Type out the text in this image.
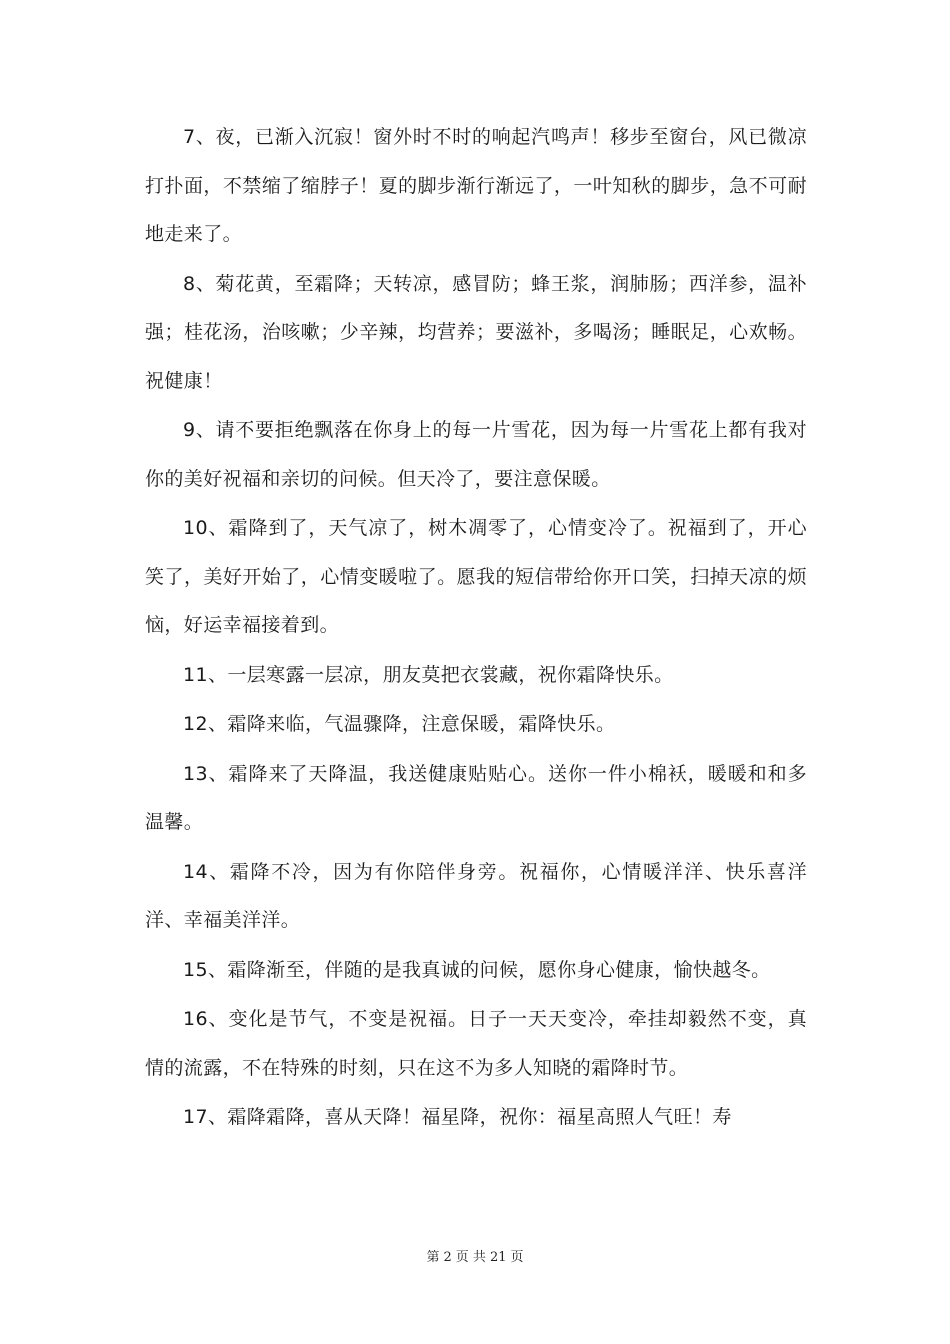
7、夜，已渐入沉寂！窗外时不时的响起汽鸣声！移步至窗台，风已微凉打扑面，不禁缩了缩脖子！夏的脚步渐行渐远了，一叶知秋的脚步，急不可耐地走来了。

8、菊花黄，至霜降；天转凉，感冒防；蜂王浆，润肺肠；西洋参，温补强；桂花汤，治咳嗽；少辛辣，均营养；要滋补，多喝汤；睡眠足，心欢畅。祝健康！

9、请不要拒绝飘落在你身上的每一片雪花，因为每一片雪花上都有我对你的美好祝福和亲切的问候。但天冷了，要注意保暖。

10、霜降到了，天气凉了，树木凋零了，心情变冷了。祝福到了，开心笑了，美好开始了，心情变暖啦了。愿我的短信带给你开口笑，扫掉天凉的烦恼，好运幸福接着到。

11、一层寒露一层凉，朋友莫把衣裳藏，祝你霜降快乐。

12、霜降来临，气温骤降，注意保暖，霜降快乐。

13、霜降来了天降温，我送健康贴贴心。送你一件小棉袄，暖暖和和多温馨。

14、霜降不冷，因为有你陪伴身旁。祝福你，心情暖洋洋、快乐喜洋洋、幸福美洋洋。

15、霜降渐至，伴随的是我真诚的问候，愿你身心健康，愉快越冬。

16、变化是节气，不变是祝福。日子一天天变冷，牵挂却毅然不变，真情的流露，不在特殊的时刻，只在这不为多人知晓的霜降时节。

17、霜降霜降，喜从天降！福星降，祝你：福星高照人气旺！寿

第 2 页 共 21 页
